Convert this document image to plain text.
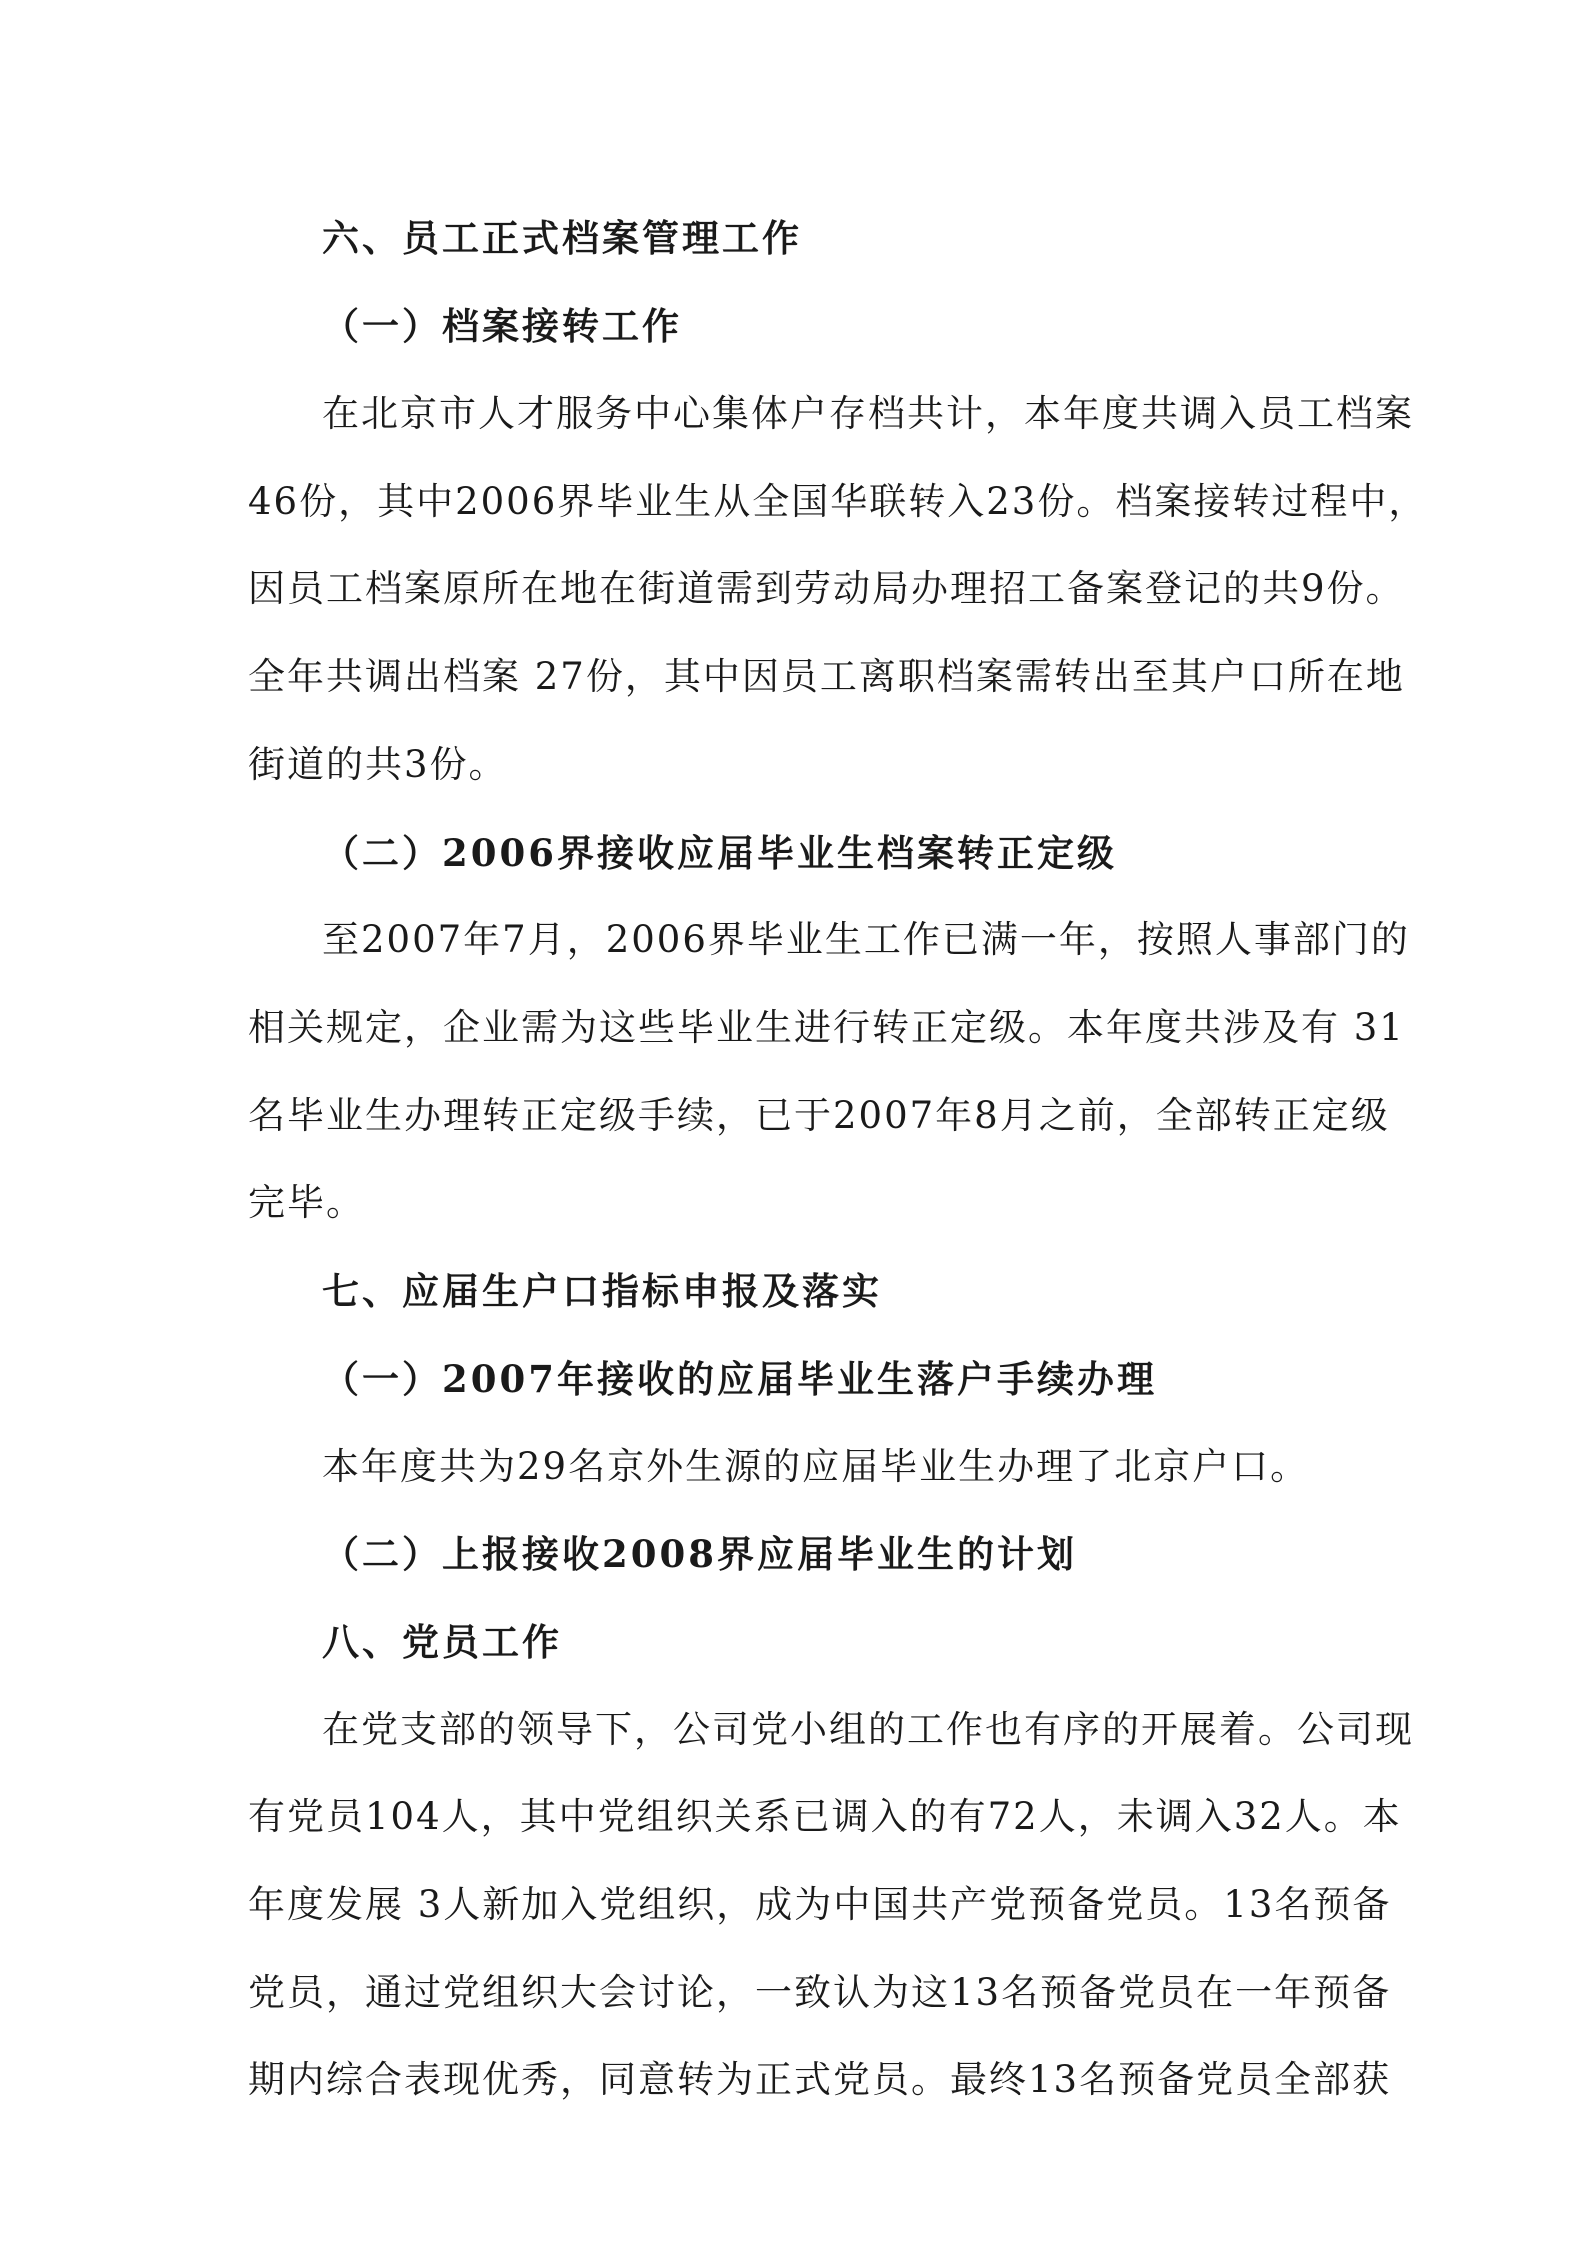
六、员工正式档案管理工作
（一）档案接转工作
在北京市人才服务中心集体户存档共计，本年度共调入员工档案
46份，其中2006界毕业生从全国华联转入23份。档案接转过程中，
因员工档案原所在地在街道需到劳动局办理招工备案登记的共9份。
全年共调出档案 27份，其中因员工离职档案需转出至其户口所在地
街道的共3份。
（二）2006界接收应届毕业生档案转正定级
至2007年7月，2006界毕业生工作已满一年，按照人事部门的
相关规定，企业需为这些毕业生进行转正定级。本年度共涉及有 31
名毕业生办理转正定级手续，已于2007年8月之前，全部转正定级
完毕。
七、应届生户口指标申报及落实
（一）2007年接收的应届毕业生落户手续办理
本年度共为29名京外生源的应届毕业生办理了北京户口。
（二）上报接收2008界应届毕业生的计划
八、党员工作
在党支部的领导下，公司党小组的工作也有序的开展着。公司现
有党员104人，其中党组织关系已调入的有72人，未调入32人。本
年度发展 3人新加入党组织，成为中国共产党预备党员。13名预备
党员，通过党组织大会讨论，一致认为这13名预备党员在一年预备
期内综合表现优秀，同意转为正式党员。最终13名预备党员全部获
